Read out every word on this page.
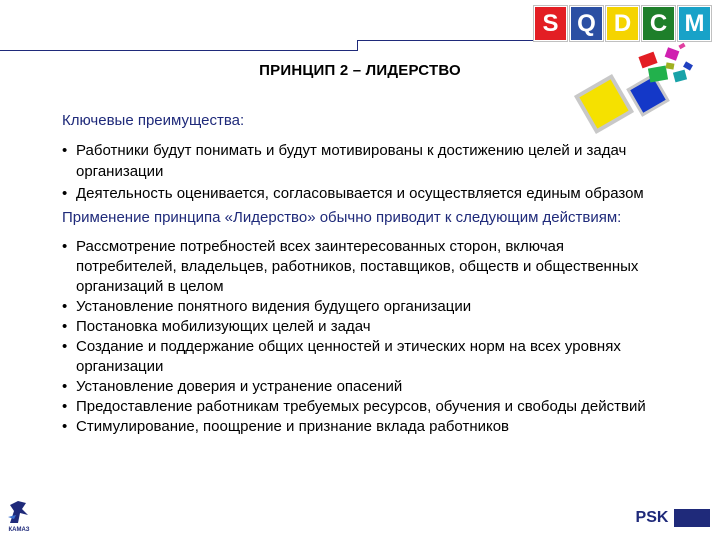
S Q D C M
ПРИНЦИП 2 – ЛИДЕРСТВО
Ключевые преимущества:
• Работники будут понимать и будут мотивированы к достижению целей и задач организации
• Деятельность оценивается, согласовывается и осуществляется единым образом
Применение принципа «Лидерство» обычно приводит к следующим действиям:
• Рассмотрение потребностей всех заинтересованных сторон, включая потребителей, владельцев, работников, поставщиков, обществ и общественных организаций в целом
• Установление понятного видения будущего организации
• Постановка мобилизующих целей и задач
• Создание и поддержание общих ценностей и этических норм на всех уровнях организации
• Установление доверия и устранение опасений
• Предоставление работникам требуемых ресурсов, обучения и свободы действий
• Стимулирование, поощрение и признание вклада работников
PSK
КАМАЗ
